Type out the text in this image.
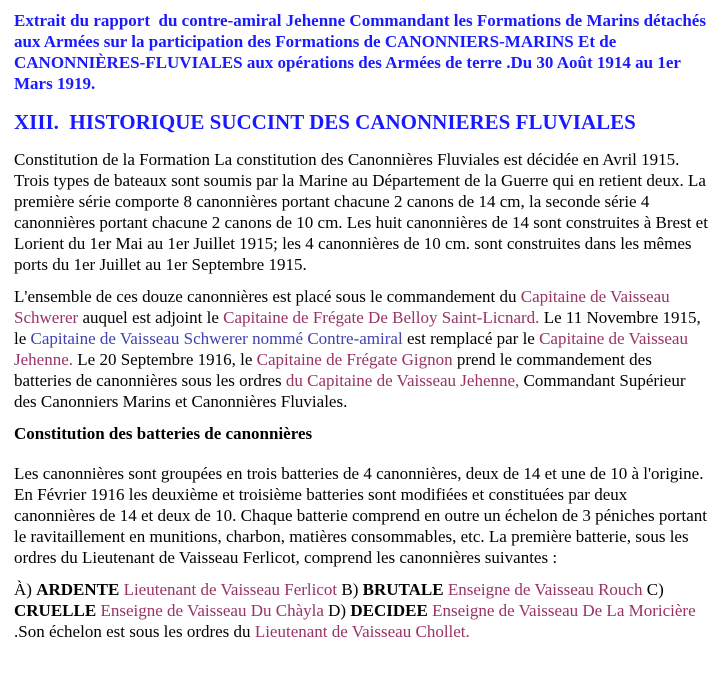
Extrait du rapport  du contre-amiral Jehenne Commandant les Formations de Marins détachés aux Armées sur la participation des Formations de CANONNIERS-MARINS Et de CANONNIÈRES-FLUVIALES aux opérations des Armées de terre .Du 30 Août 1914 au 1er Mars 1919.

XIII.  HISTORIQUE SUCCINT DES CANONNIERES FLUVIALES

Constitution de la Formation La constitution des Canonnières Fluviales est décidée en Avril 1915. Trois types de bateaux sont soumis par la Marine au Département de la Guerre qui en retient deux. La première série comporte 8 canonnières portant chacune 2 canons de 14 cm, la seconde série 4 canonnières portant chacune 2 canons de 10 cm. Les huit canonnières de 14 sont construites à Brest et Lorient du 1er Mai au 1er Juillet 1915; les 4 canonnières de 10 cm. sont construites dans les mêmes ports du 1er Juillet au 1er Septembre 1915.

L'ensemble de ces douze canonnières est placé sous le commandement du Capitaine de Vaisseau Schwerer auquel est adjoint le Capitaine de Frégate De Belloy Saint-Licnard. Le 11 Novembre 1915, le Capitaine de Vaisseau Schwerer nommé Contre-amiral est remplacé par le Capitaine de Vaisseau Jehenne. Le 20 Septembre 1916, le Capitaine de Frégate Gignon prend le commandement des batteries de canonnières sous les ordres du Capitaine de Vaisseau Jehenne, Commandant Supérieur des Canonniers Marins et Canonnières Fluviales.

Constitution des batteries de canonnières

Les canonnières sont groupées en trois batteries de 4 canonnières, deux de 14 et une de 10 à l'origine. En Février 1916 les deuxième et troisième batteries sont modifiées et constituées par deux canonnières de 14 et deux de 10. Chaque batterie comprend en outre un échelon de 3 péniches portant le ravitaillement en munitions, charbon, matières consommables, etc. La première batterie, sous les ordres du Lieutenant de Vaisseau Ferlicot, comprend les canonnières suivantes :

À) ARDENTE Lieutenant de Vaisseau Ferlicot B) BRUTALE Enseigne de Vaisseau Rouch C) CRUELLE Enseigne de Vaisseau Du Chàyla D) DECIDEE Enseigne de Vaisseau De La Moricière  .Son échelon est sous les ordres du Lieutenant de Vaisseau Chollet.
